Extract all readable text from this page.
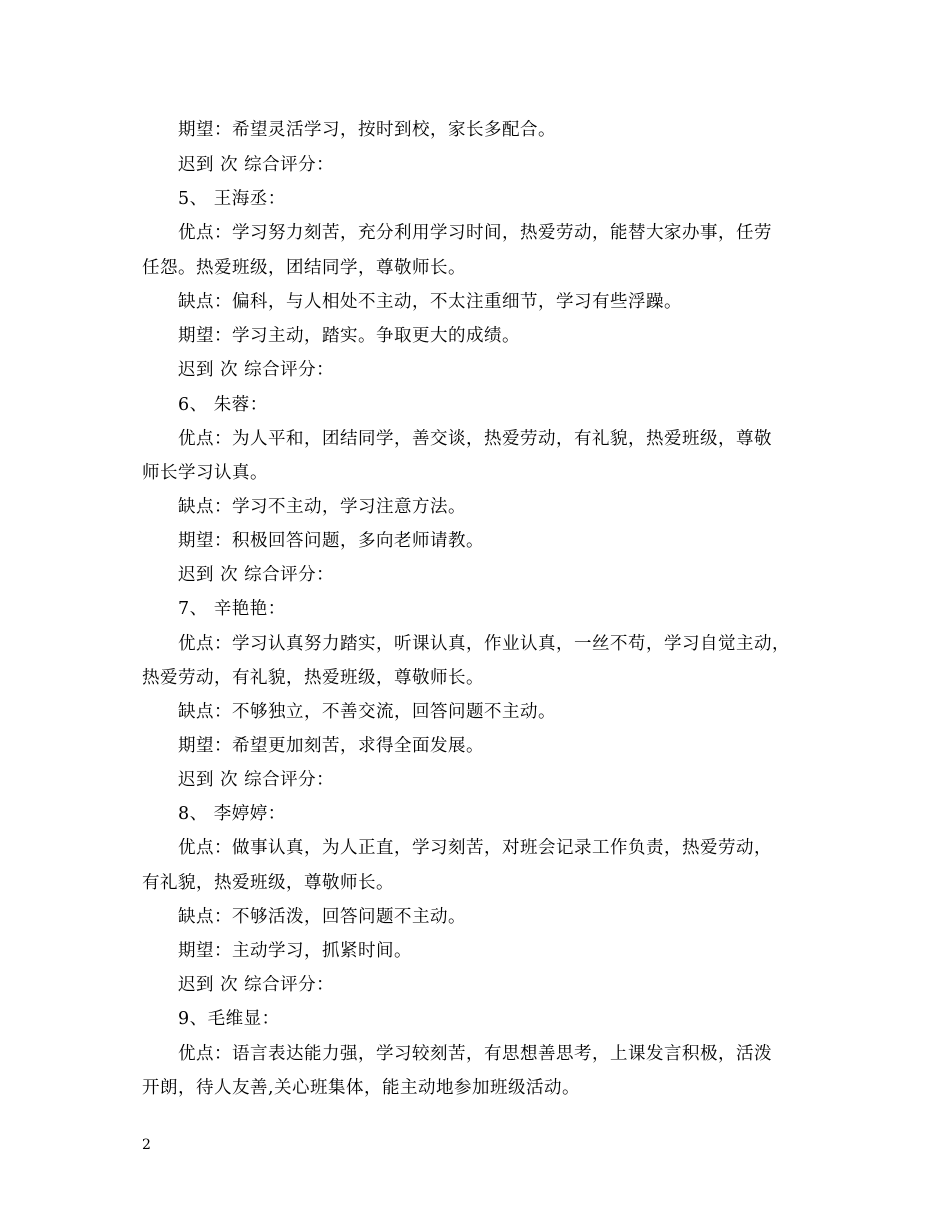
期望：希望灵活学习，按时到校，家长多配合。
迟到 次 综合评分：
5、 王海丞：
优点：学习努力刻苦，充分利用学习时间，热爱劳动，能替大家办事，任劳
任怨。热爱班级，团结同学，尊敬师长。
缺点：偏科，与人相处不主动，不太注重细节，学习有些浮躁。
期望：学习主动，踏实。争取更大的成绩。
迟到 次 综合评分：
6、 朱蓉：
优点：为人平和，团结同学，善交谈，热爱劳动，有礼貌，热爱班级，尊敬
师长学习认真。
缺点：学习不主动，学习注意方法。
期望：积极回答问题，多向老师请教。
迟到 次 综合评分：
7、 辛艳艳：
优点：学习认真努力踏实，听课认真，作业认真，一丝不苟，学习自觉主动，
热爱劳动，有礼貌，热爱班级，尊敬师长。
缺点：不够独立，不善交流，回答问题不主动。
期望：希望更加刻苦，求得全面发展。
迟到 次 综合评分：
8、 李婷婷：
优点：做事认真，为人正直，学习刻苦，对班会记录工作负责，热爱劳动，
有礼貌，热爱班级，尊敬师长。
缺点：不够活泼，回答问题不主动。
期望：主动学习，抓紧时间。
迟到 次 综合评分：
9、毛维显：
优点：语言表达能力强，学习较刻苦，有思想善思考，上课发言积极，活泼
开朗，待人友善,关心班集体，能主动地参加班级活动。
2
